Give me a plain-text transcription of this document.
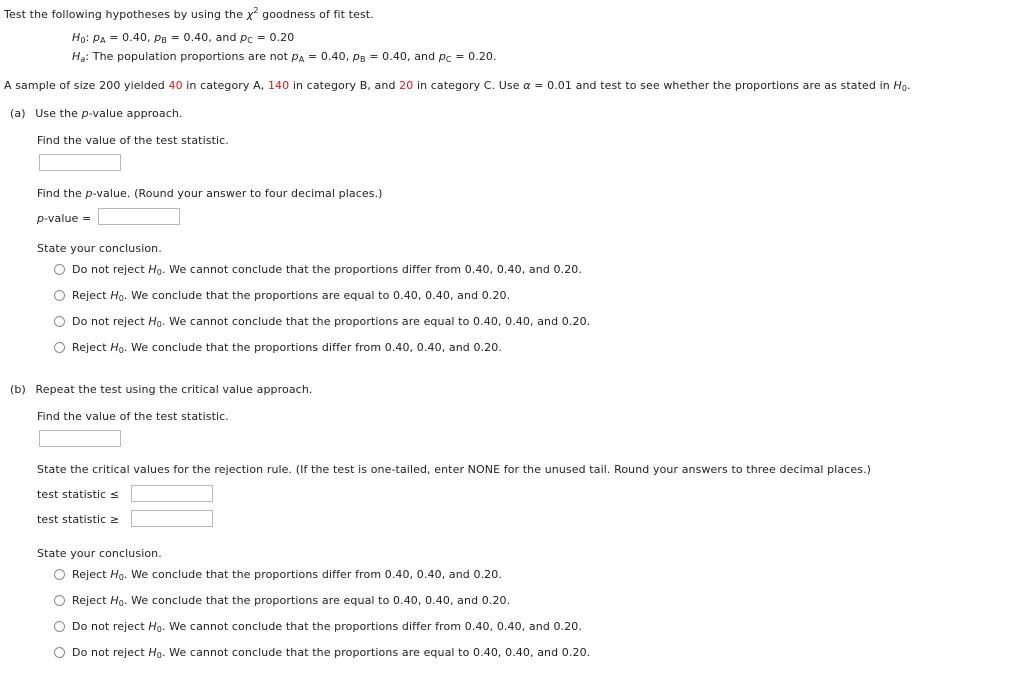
Test the following hypotheses by using the $\chi^2$ goodness of fit test.
$H_0$: $p_A = 0.40$, $p_B = 0.40$, and $p_C = 0.20$
$H_a$: The population proportions are not $p_A = 0.40$, $p_B = 0.40$, and $p_C = 0.20$.
A sample of size 200 yielded 40 in category A, 140 in category B, and 20 in category C. Use α = 0.01 and test to see whether the proportions are as stated in $H_0$.
(a) Use the p-value approach.
Find the value of the test statistic.
Find the p-value. (Round your answer to four decimal places.)
p-value =
State your conclusion.
Do not reject $H_0$. We cannot conclude that the proportions differ from 0.40, 0.40, and 0.20.
Reject $H_0$. We conclude that the proportions are equal to 0.40, 0.40, and 0.20.
Do not reject $H_0$. We cannot conclude that the proportions are equal to 0.40, 0.40, and 0.20.
Reject $H_0$. We conclude that the proportions differ from 0.40, 0.40, and 0.20.
(b) Repeat the test using the critical value approach.
Find the value of the test statistic.
State the critical values for the rejection rule. (If the test is one-tailed, enter NONE for the unused tail. Round your answers to three decimal places.)
test statistic ≤
test statistic ≥
State your conclusion.
Reject $H_0$. We conclude that the proportions differ from 0.40, 0.40, and 0.20.
Reject $H_0$. We conclude that the proportions are equal to 0.40, 0.40, and 0.20.
Do not reject $H_0$. We cannot conclude that the proportions differ from 0.40, 0.40, and 0.20.
Do not reject $H_0$. We cannot conclude that the proportions are equal to 0.40, 0.40, and 0.20.
